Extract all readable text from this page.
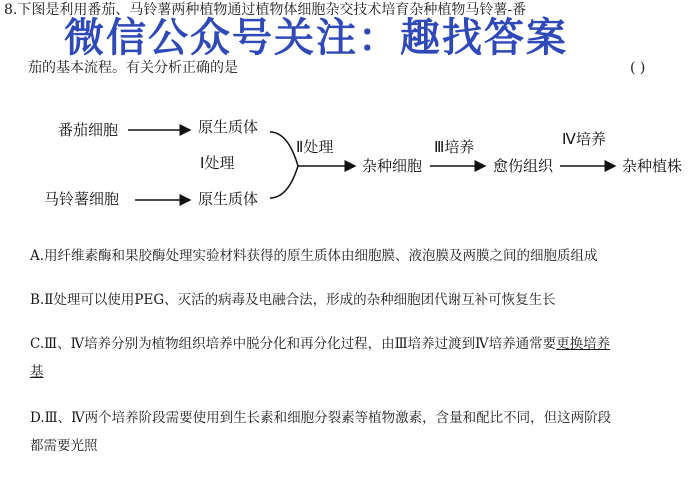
8.下图是利用番茄、马铃薯两种植物通过植物体细胞杂交技术培育杂种植物马铃薯-番
微信公众号关注：趣找答案
茄的基本流程。有关分析正确的是	( )
番茄细胞	原生质体
Ⅰ处理
马铃薯细胞	原生质体
Ⅱ处理
杂种细胞
Ⅲ培养
愈伤组织
Ⅳ培养
杂种植株
A.用纤维素酶和果胶酶处理实验材料获得的原生质体由细胞膜、液泡膜及两膜之间的细胞质组成
B.Ⅱ处理可以使用PEG、灭活的病毒及电融合法，形成的杂种细胞团代谢互补可恢复生长
C.Ⅲ、Ⅳ培养分别为植物组织培养中脱分化和再分化过程，由Ⅲ培养过渡到Ⅳ培养通常要更换培养
基
D.Ⅲ、Ⅳ两个培养阶段需要使用到生长素和细胞分裂素等植物激素，含量和配比不同，但这两阶段
都需要光照
